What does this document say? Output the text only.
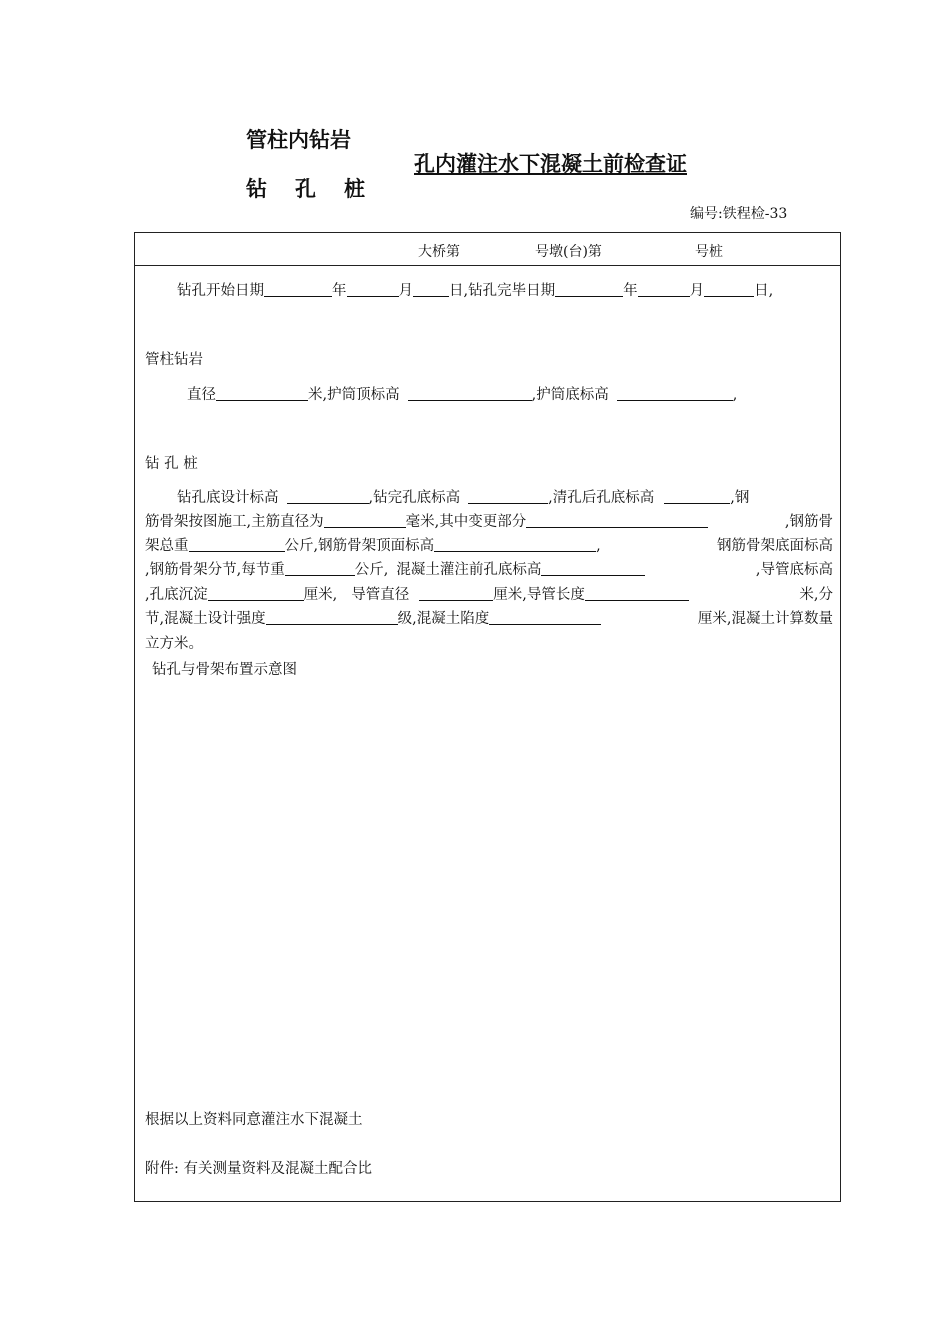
管柱内钻岩
钻 孔 桩
孔内灌注水下混凝土前检查证
编号:铁程检-33
大桥第	号墩(台)第	号桩
钻孔开始日期	年	月 日,钻孔完毕日期	年	月	日,
管柱钻岩
直径	米,护筒顶标高	,护筒底标高	,
钻 孔 桩
钻孔底设计标高	,钻完孔底标高	,清孔后孔底标高	,钢
筋骨架按图施工,主筋直径为	毫米,其中变更部分	,钢筋骨
架总重	公斤,钢筋骨架顶面标高	,	钢筋骨架底面标高
,钢筋骨架分节,每节重	公斤, 混凝土灌注前孔底标高	,导管底标高
,孔底沉淀	厘米, 导管直径	厘米,导管长度	米,分
节,混凝土设计强度	级,混凝土陷度	厘米,混凝土计算数量
立方米。
钻孔与骨架布置示意图
根据以上资料同意灌注水下混凝土
附件: 有关测量资料及混凝土配合比
